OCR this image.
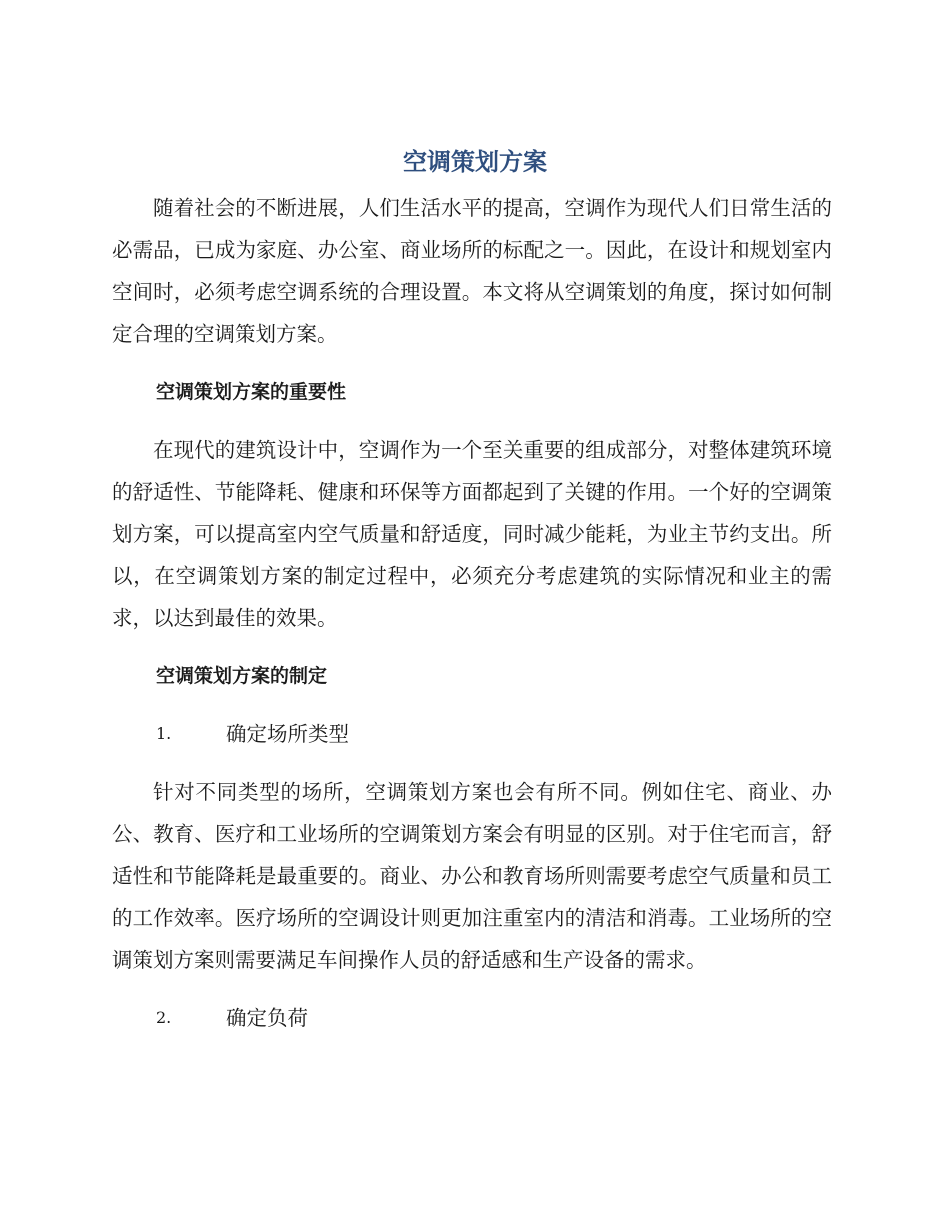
空调策划方案

随着社会的不断进展，人们生活水平的提高，空调作为现代人们日常生活的必需品，已成为家庭、办公室、商业场所的标配之一。因此，在设计和规划室内空间时，必须考虑空调系统的合理设置。本文将从空调策划的角度，探讨如何制定合理的空调策划方案。

空调策划方案的重要性

在现代的建筑设计中，空调作为一个至关重要的组成部分，对整体建筑环境的舒适性、节能降耗、健康和环保等方面都起到了关键的作用。一个好的空调策划方案，可以提高室内空气质量和舒适度，同时减少能耗，为业主节约支出。所以，在空调策划方案的制定过程中，必须充分考虑建筑的实际情况和业主的需求，以达到最佳的效果。

空调策划方案的制定

1.	确定场所类型

针对不同类型的场所，空调策划方案也会有所不同。例如住宅、商业、办公、教育、医疗和工业场所的空调策划方案会有明显的区别。对于住宅而言，舒适性和节能降耗是最重要的。商业、办公和教育场所则需要考虑空气质量和员工的工作效率。医疗场所的空调设计则更加注重室内的清洁和消毒。工业场所的空调策划方案则需要满足车间操作人员的舒适感和生产设备的需求。

2.	确定负荷
